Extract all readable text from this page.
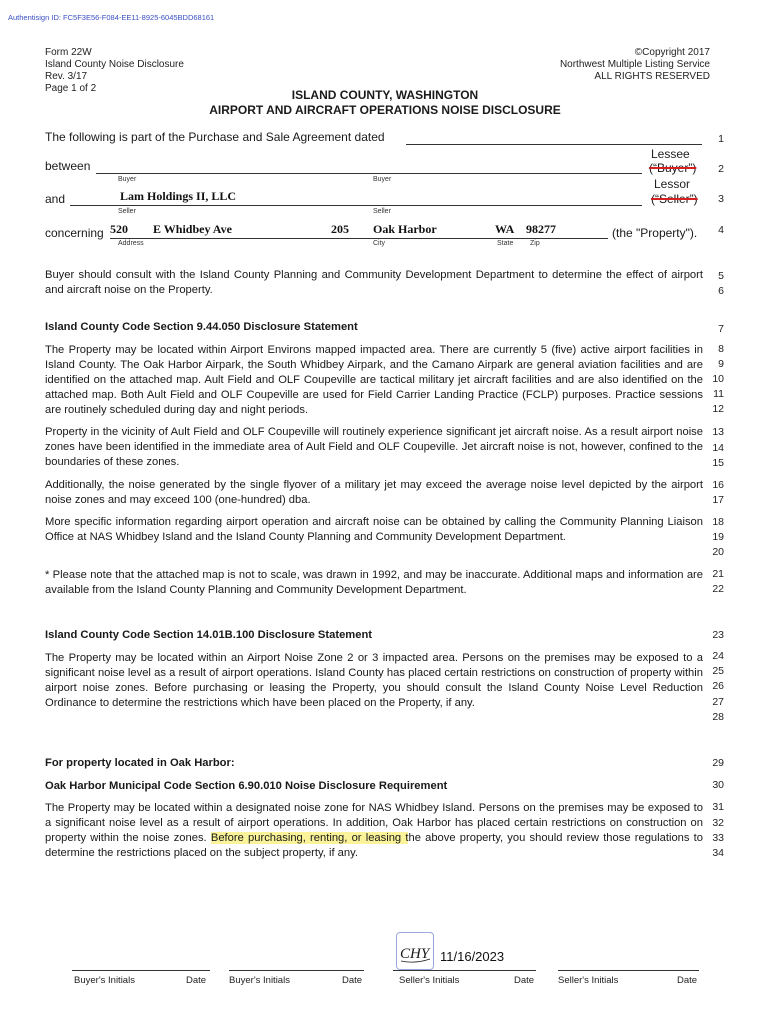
Authentisign ID: FC5F3E56-F084-EE11-8925-6045BDD68161
Form 22W
Island County Noise Disclosure
Rev. 3/17
Page 1 of 2
©Copyright 2017
Northwest Multiple Listing Service
ALL RIGHTS RESERVED
ISLAND COUNTY, WASHINGTON
AIRPORT AND AIRCRAFT OPERATIONS NOISE DISCLOSURE
The following is part of the Purchase and Sale Agreement dated
between
Buyer	Buyer
Lessee
(“Buyer”)
and	Lam Holdings II, LLC
Seller	Seller
Lessor
(“Seller”)
concerning 520 E Whidbey Ave	205 Oak Harbor	WA 98277	(the "Property").
Address	City	State Zip
Buyer should consult with the Island County Planning and Community Development Department to determine the effect of airport and aircraft noise on the Property.
Island County Code Section 9.44.050 Disclosure Statement
The Property may be located within Airport Environs mapped impacted area. There are currently 5 (five) active airport facilities in Island County. The Oak Harbor Airpark, the South Whidbey Airpark, and the Camano Airpark are general aviation facilities and are identified on the attached map. Ault Field and OLF Coupeville are tactical military jet aircraft facilities and are also identified on the attached map. Both Ault Field and OLF Coupeville are used for Field Carrier Landing Practice (FCLP) purposes. Practice sessions are routinely scheduled during day and night periods.
Property in the vicinity of Ault Field and OLF Coupeville will routinely experience significant jet aircraft noise. As a result airport noise zones have been identified in the immediate area of Ault Field and OLF Coupeville. Jet aircraft noise is not, however, confined to the boundaries of these zones.
Additionally, the noise generated by the single flyover of a military jet may exceed the average noise level depicted by the airport noise zones and may exceed 100 (one-hundred) dba.
More specific information regarding airport operation and aircraft noise can be obtained by calling the Community Planning Liaison Office at NAS Whidbey Island and the Island County Planning and Community Development Department.
* Please note that the attached map is not to scale, was drawn in 1992, and may be inaccurate. Additional maps and information are available from the Island County Planning and Community Development Department.
Island County Code Section 14.01B.100 Disclosure Statement
The Property may be located within an Airport Noise Zone 2 or 3 impacted area. Persons on the premises may be exposed to a significant noise level as a result of airport operations. Island County has placed certain restrictions on construction of property within airport noise zones. Before purchasing or leasing the Property, you should consult the Island County Noise Level Reduction Ordinance to determine the restrictions which have been placed on the Property, if any.
For property located in Oak Harbor:
Oak Harbor Municipal Code Section 6.90.010 Noise Disclosure Requirement
The Property may be located within a designated noise zone for NAS Whidbey Island. Persons on the premises may be exposed to a significant noise level as a result of airport operations. In addition, Oak Harbor has placed certain restrictions on construction on property within the noise zones. Before purchasing, renting, or leasing the above property, you should review those regulations to determine the restrictions placed on the subject property, if any.
1
2
3
4
5
6
7
8
9
10
11
12
13
14
15
16
17
18
19
20
21
22
23
24
25
26
27
28
29
30
31
32
33
34
CHY 11/16/2023
Buyer's Initials	Date Buyer's Initials	Date	Seller's Initials	Date	Seller's Initials	Date
